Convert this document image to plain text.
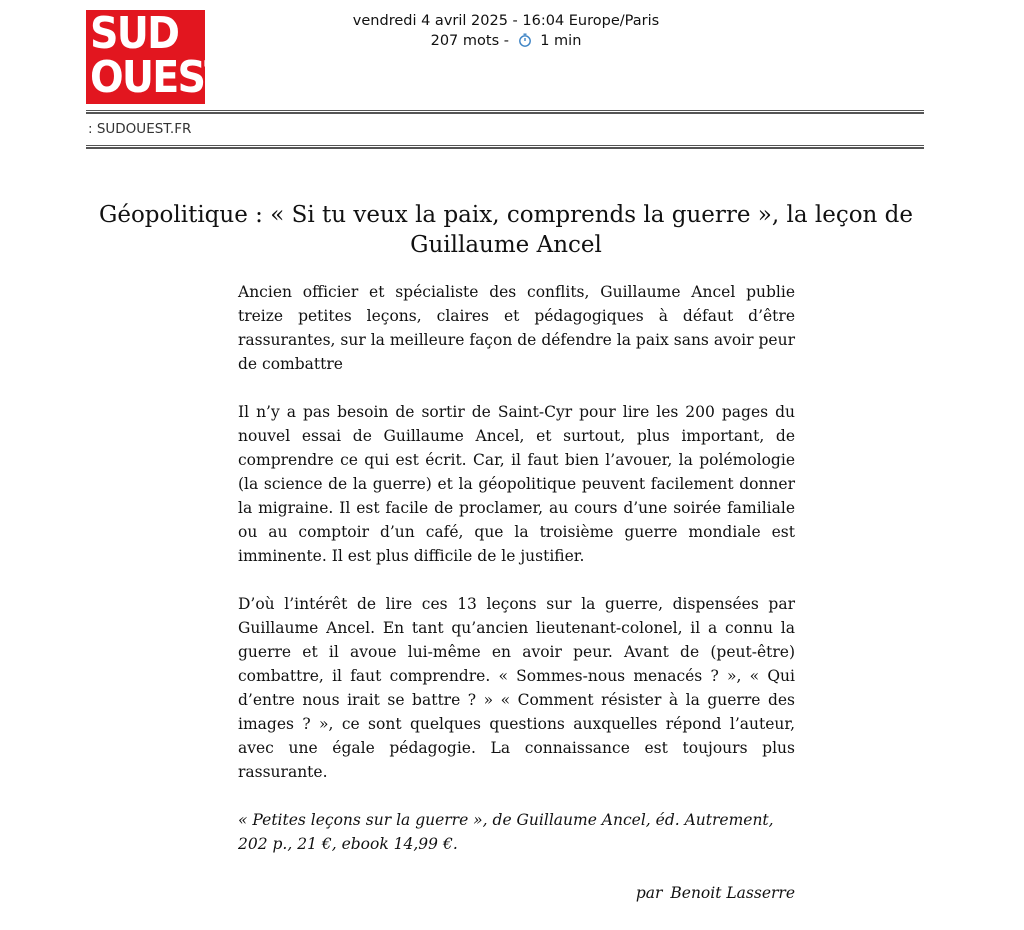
SUD
OUEST
vendredi 4 avril 2025 - 16:04 Europe/Paris
207 mots - 1 min
: SUDOUEST.FR
Géopolitique : « Si tu veux la paix, comprends la guerre », la leçon de Guillaume Ancel

Ancien officier et spécialiste des conflits, Guillaume Ancel publie treize petites leçons, claires et pédagogiques à défaut d’être rassurantes, sur la meilleure façon de défendre la paix sans avoir peur de combattre

Il n’y a pas besoin de sortir de Saint-Cyr pour lire les 200 pages du nouvel essai de Guillaume Ancel, et surtout, plus important, de comprendre ce qui est écrit. Car, il faut bien l’avouer, la polémologie (la science de la guerre) et la géopolitique peuvent facilement donner la migraine. Il est facile de proclamer, au cours d’une soirée familiale ou au comptoir d’un café, que la troisième guerre mondiale est imminente. Il est plus difficile de le justifier.

D’où l’intérêt de lire ces 13 leçons sur la guerre, dispensées par Guillaume Ancel. En tant qu’ancien lieutenant-colonel, il a connu la guerre et il avoue lui-même en avoir peur. Avant de (peut-être) combattre, il faut comprendre. « Sommes-nous menacés ? », « Qui d’entre nous irait se battre ? » « Comment résister à la guerre des images ? », ce sont quelques questions auxquelles répond l’auteur, avec une égale pédagogie. La connaissance est toujours plus rassurante.

« Petites leçons sur la guerre », de Guillaume Ancel, éd. Autrement, 202 p., 21 €, ebook 14,99 €.

par Benoit Lasserre
